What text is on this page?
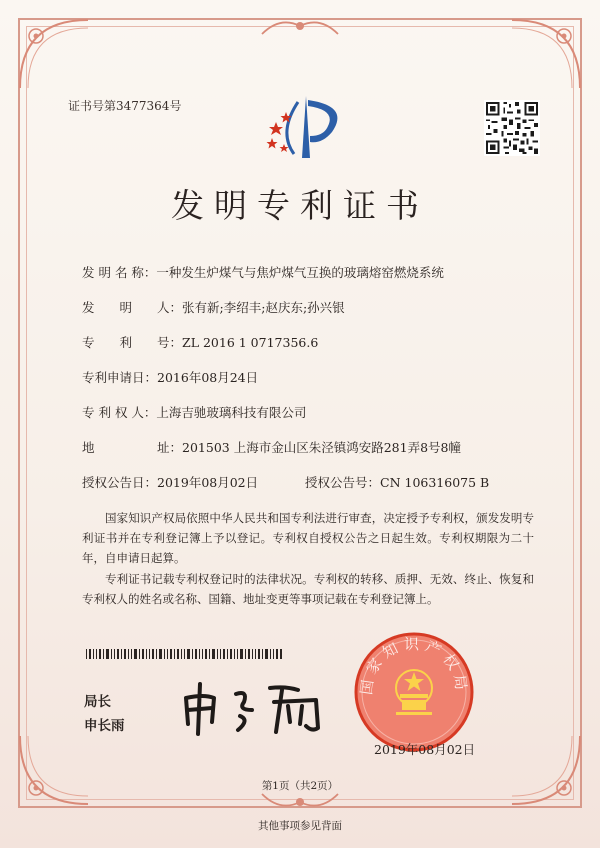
证书号第3477364号
发明专利证书
发 明 名 称：一种发生炉煤气与焦炉煤气互换的玻璃熔窑燃烧系统
发　　明　　人：张有新;李绍丰;赵庆东;孙兴银
专　　利　　号：ZL 2016 1 0717356.6
专利申请日：2016年08月24日
专 利 权 人：上海吉驰玻璃科技有限公司
地　　　　　址：201503 上海市金山区朱泾镇鸿安路281弄8号8幢
授权公告日：2019年08月02日	授权公告号：CN 106316075 B
国家知识产权局依照中华人民共和国专利法进行审查，决定授予专利权，颁发发明专利证书并在专利登记簿上予以登记。专利权自授权公告之日起生效。专利权期限为二十年，自申请日起算。
专利证书记载专利权登记时的法律状况。专利权的转移、质押、无效、终止、恢复和专利权人的姓名或名称、国籍、地址变更等事项记载在专利登记簿上。
局长
申长雨
国家知识产权局
2019年08月02日
第1页（共2页）
其他事项参见背面
